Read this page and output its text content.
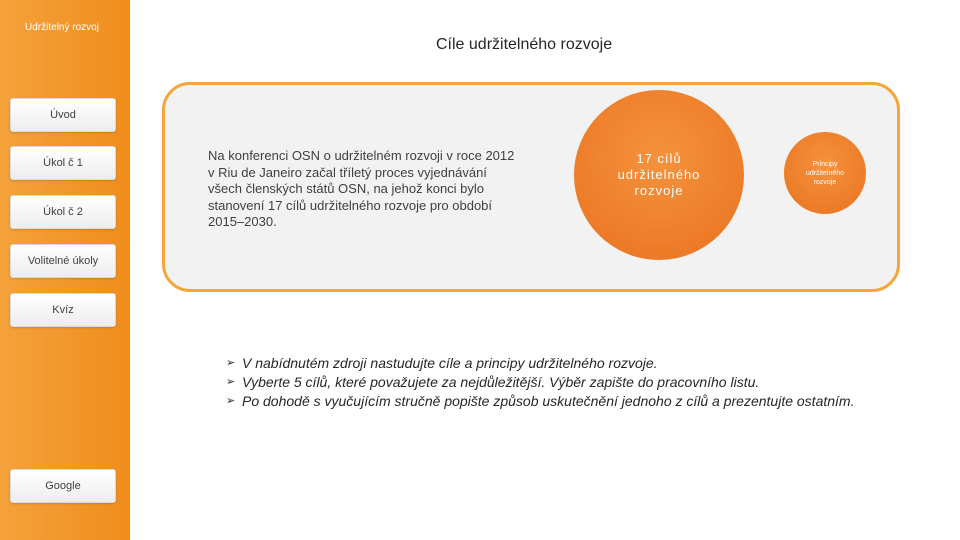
Udržitelný rozvoj
Úvod
Úkol č 1
Úkol č 2
Volitelné úkoly
Kvíz
Google
Cíle udržitelného rozvoje
Na konferenci OSN o udržitelném rozvoji v roce 2012 v Riu de Janeiro začal tříletý proces vyjednávání všech členských států OSN, na jehož konci bylo stanovení 17 cílů udržitelného rozvoje pro období 2015–2030.
17 cílů udržitelného rozvoje
Principy udržitelného rozvoje
➢ V nabídnutém zdroji nastudujte cíle a principy udržitelného rozvoje.
➢ Vyberte 5 cílů, které považujete za nejdůležitější. Výběr zapište do pracovního listu.
➢ Po dohodě s vyučujícím stručně popište způsob uskutečnění jednoho z cílů a prezentujte ostatním.
